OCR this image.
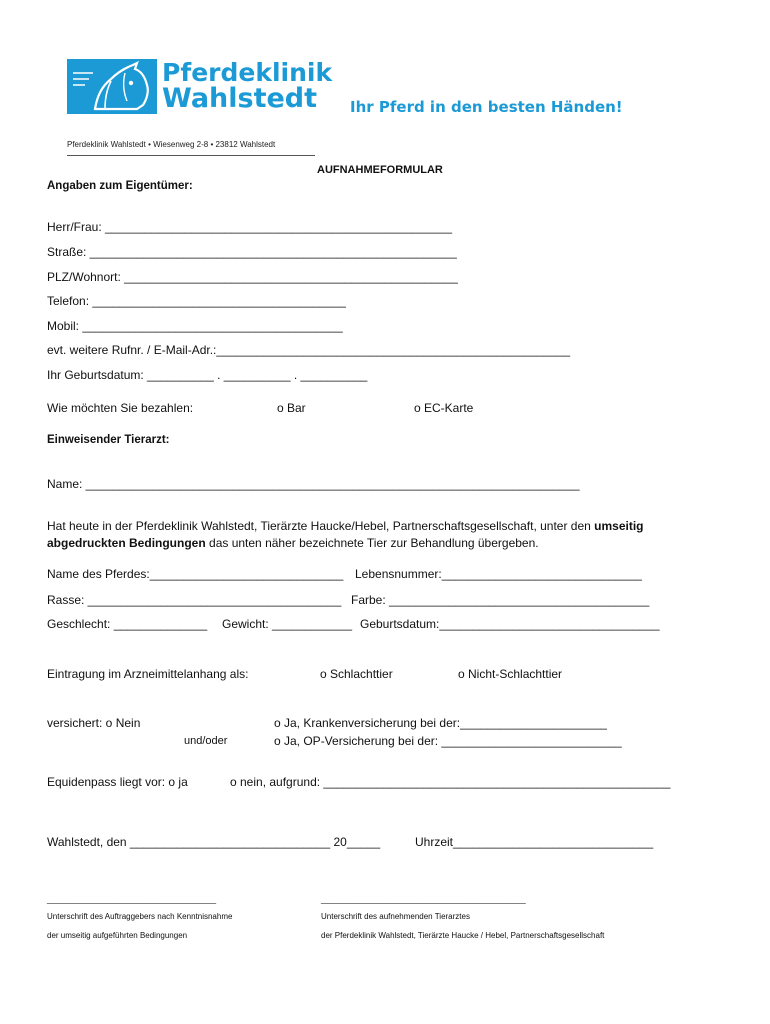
Pferdeklinik
Wahlstedt Ihr Pferd in den besten Händen!
Pferdeklinik Wahlstedt • Wiesenweg 2-8 • 23812 Wahlstedt
AUFNAHMEFORMULAR
Angaben zum Eigentümer:
Herr/Frau: ____________________________________________________
Straße: _______________________________________________________
PLZ/Wohnort: __________________________________________________
Telefon: ______________________________________
Mobil: _______________________________________
evt. weitere Rufnr. / E-Mail-Adr.:_____________________________________________________
Ihr Geburtsdatum: __________ . __________ . __________
Wie möchten Sie bezahlen:	o Bar	o EC-Karte
Einweisender Tierarzt:
Name: __________________________________________________________________________
Hat heute in der Pferdeklinik Wahlstedt, Tierärzte Haucke/Hebel, Partnerschaftsgesellschaft, unter den umseitig
abgedruckten Bedingungen das unten näher bezeichnete Tier zur Behandlung übergeben.
Name des Pferdes:_____________________________ Lebensnummer:______________________________
Rasse: ______________________________________ Farbe: _______________________________________
Geschlecht: ______________ Gewicht: ____________ Geburtsdatum:_________________________________
Eintragung im Arzneimittelanhang als:	o Schlachttier	o Nicht-Schlachttier
versichert: o Nein
und/oder
o Ja, Krankenversicherung bei der:______________________
o Ja, OP-Versicherung bei der: ___________________________
Equidenpass liegt vor: o ja	o nein, aufgrund: ____________________________________________________
Wahlstedt, den ______________________________ 20_____	Uhrzeit______________________________
______________________________________
Unterschrift des Auftraggebers nach Kenntnisnahme
der umseitig aufgeführten Bedingungen
______________________________________________
Unterschrift des aufnehmenden Tierarztes
der Pferdeklinik Wahlstedt, Tierärzte Haucke / Hebel, Partnerschaftsgesellschaft
